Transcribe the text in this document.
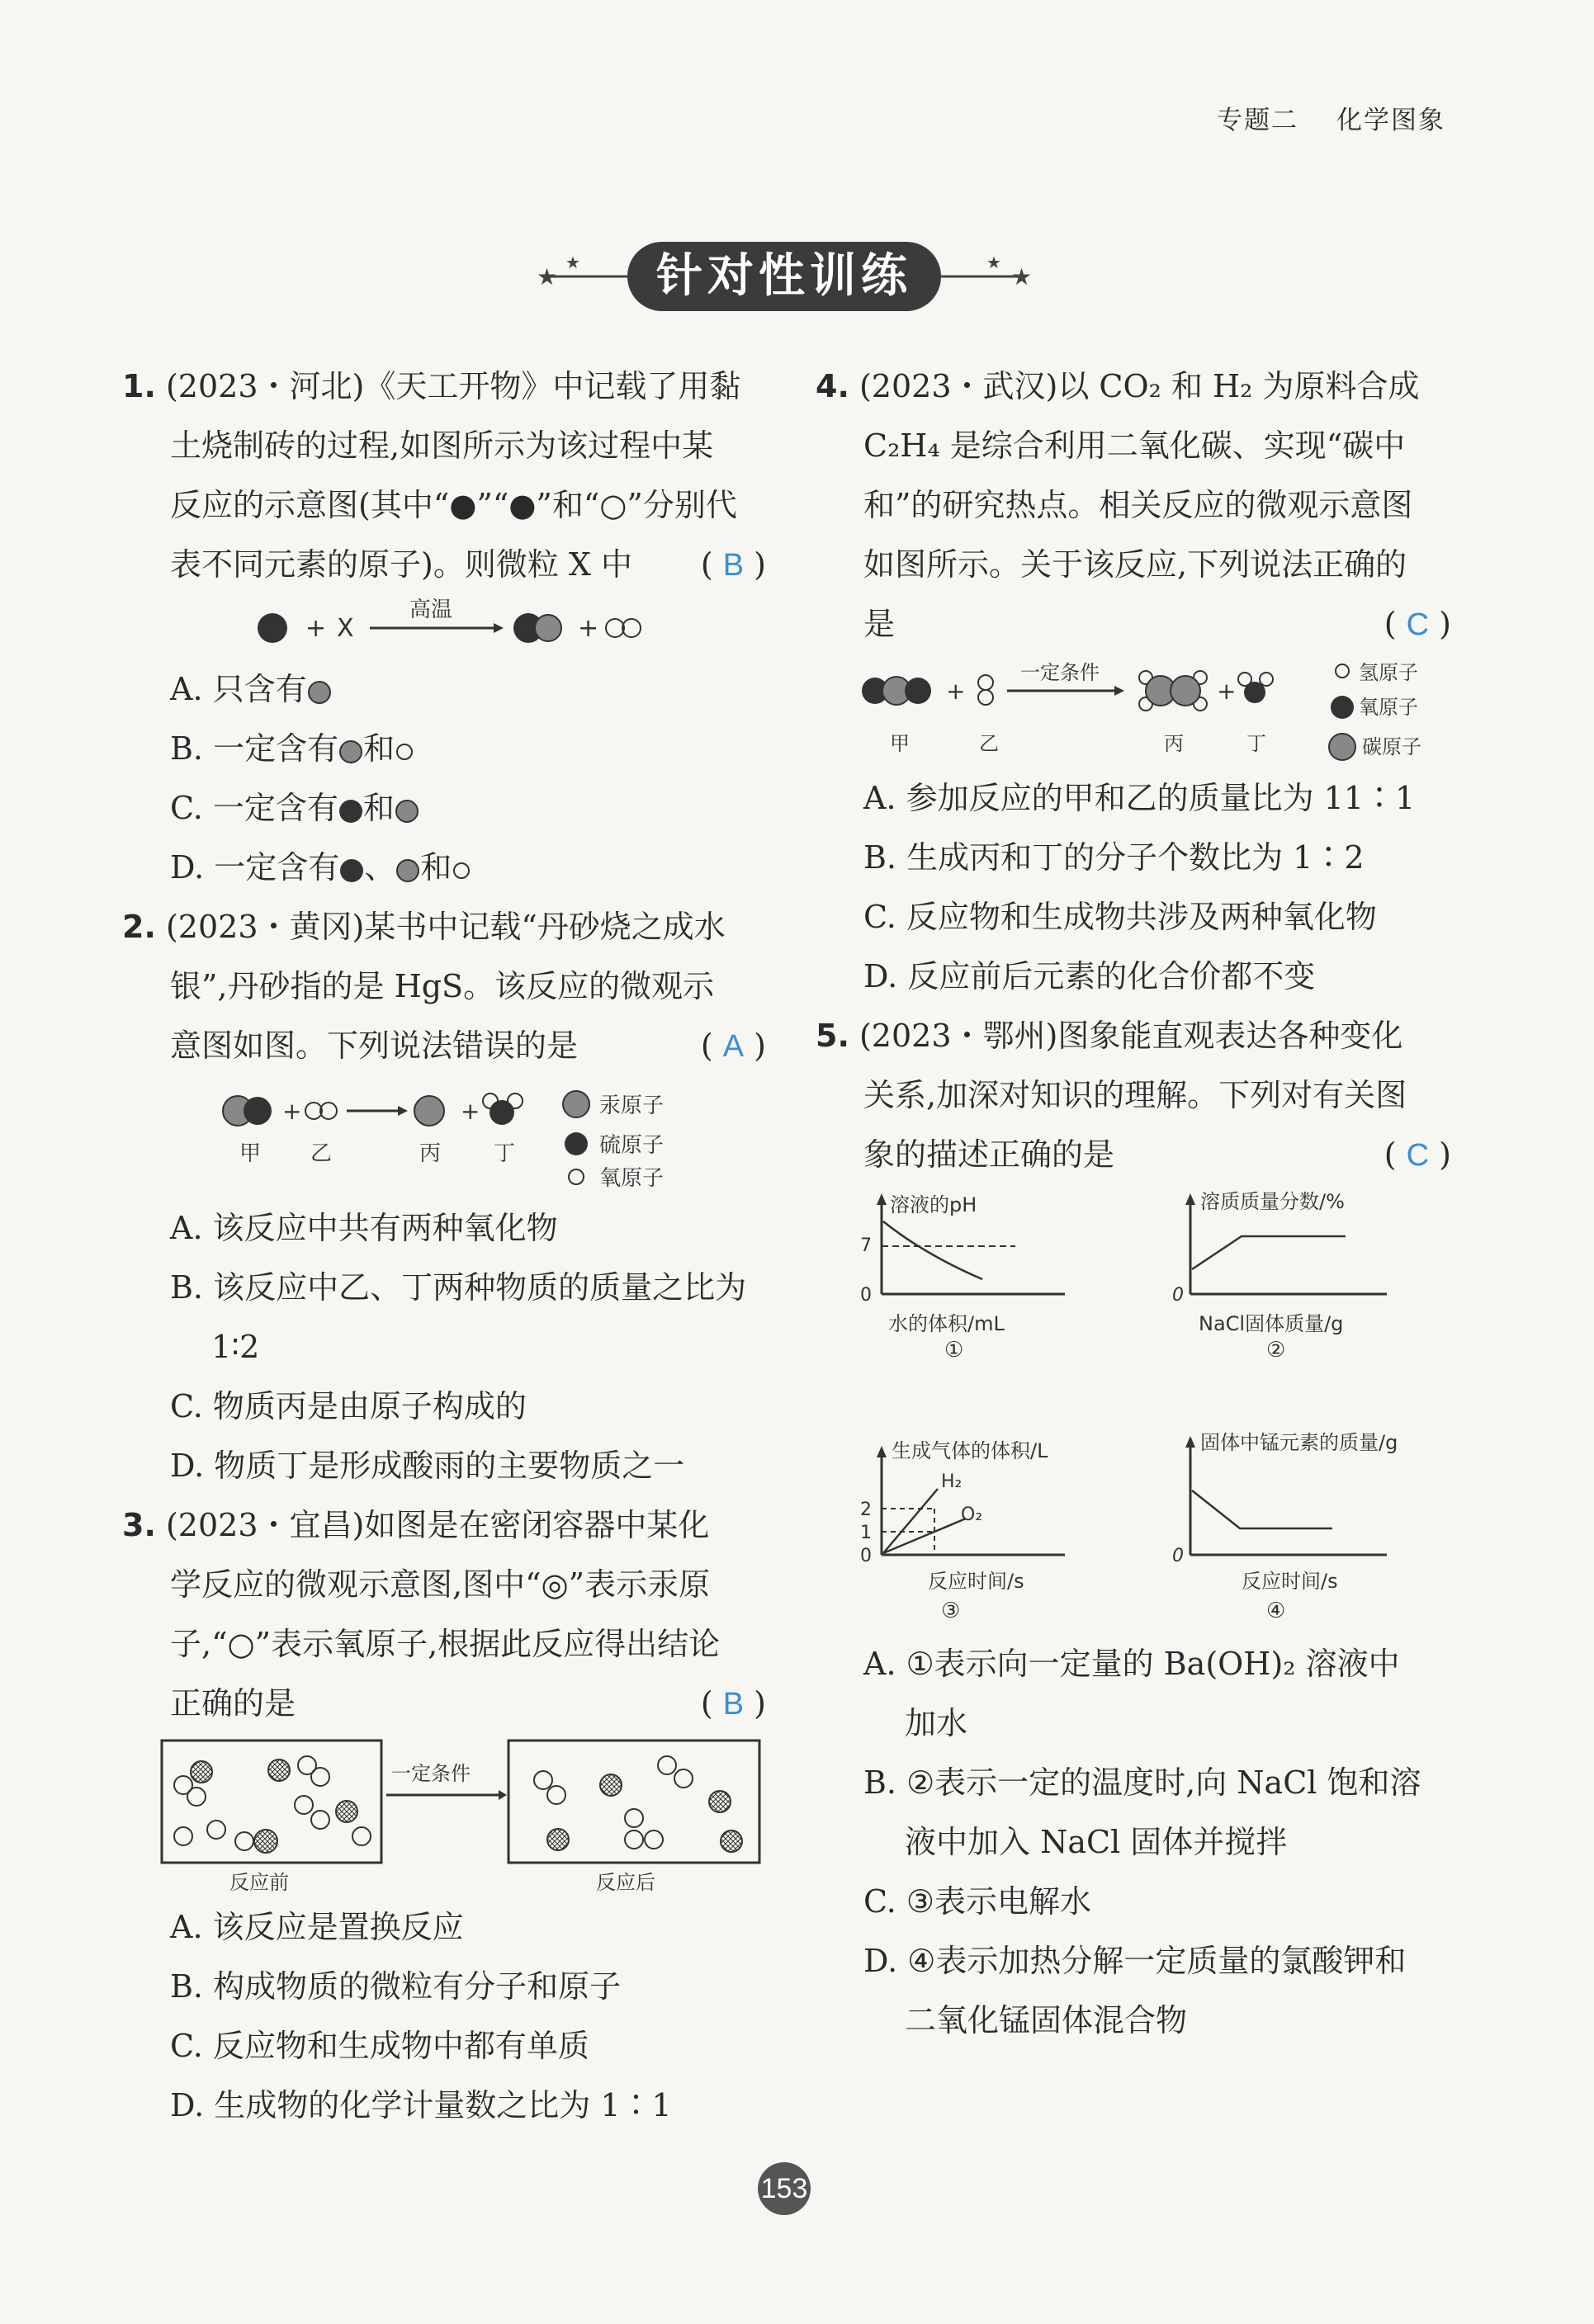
专题二 化学图象
★
★
★
★
针对性训练

1. (2023・河北)《天工开物》中记载了用黏

土烧制砖的过程,如图所示为该过程中某

反应的示意图(其中“●”“●”和“○”分别代

表不同元素的原子)。则微粒 X 中 ( B )

+ X
高温
+

A. 只含有

B. 一定含有 和

C. 一定含有 和

D. 一定含有 、 和

2. (2023・黄冈)某书中记载“丹砂烧之成水

银”,丹砂指的是 HgS。该反应的微观示

意图如图。下列说法错误的是	( A )

+	+
甲 乙	丙 丁
汞原子
硫原子
氧原子

A. 该反应中共有两种氧化物

B. 该反应中乙、丁两种物质的质量之比为

1∶2

C. 物质丙是由原子构成的

D. 物质丁是形成酸雨的主要物质之一

3. (2023・宜昌)如图是在密闭容器中某化

学反应的微观示意图,图中“◎”表示汞原

子,“○”表示氧原子,根据此反应得出结论

正确的是	( B )

一定条件
反应前	反应后

A. 该反应是置换反应

B. 构成物质的微粒有分子和原子

C. 反应物和生成物中都有单质

D. 生成物的化学计量数之比为 1∶1

4. (2023・武汉)以 CO₂ 和 H₂ 为原料合成

C₂H₄ 是综合利用二氧化碳、实现“碳中

和”的研究热点。相关反应的微观示意图

如图所示。关于该反应,下列说法正确的

是	( C )

+
一定条件
+
甲	乙	丙	丁
氢原子
氧原子
碳原子

A. 参加反应的甲和乙的质量比为 11∶1

B. 生成丙和丁的分子个数比为 1∶2

C. 反应物和生成物共涉及两种氧化物

D. 反应前后元素的化合价都不变

5. (2023・鄂州)图象能直观表达各种变化

关系,加深对知识的理解。下列对有关图

象的描述正确的是	( C )

溶液的pH
7
0
水的体积/mL
①
溶质质量分数/%
0
NaCl固体质量/g
②
生成气体的体积/L
2
1
0
H₂
O₂
反应时间/s
③
固体中锰元素的质量/g
0
反应时间/s
④

A. ①表示向一定量的 Ba(OH)₂ 溶液中

加水

B. ②表示一定的温度时,向 NaCl 饱和溶

液中加入 NaCl 固体并搅拌

C. ③表示电解水

D. ④表示加热分解一定质量的氯酸钾和

二氧化锰固体混合物

153
